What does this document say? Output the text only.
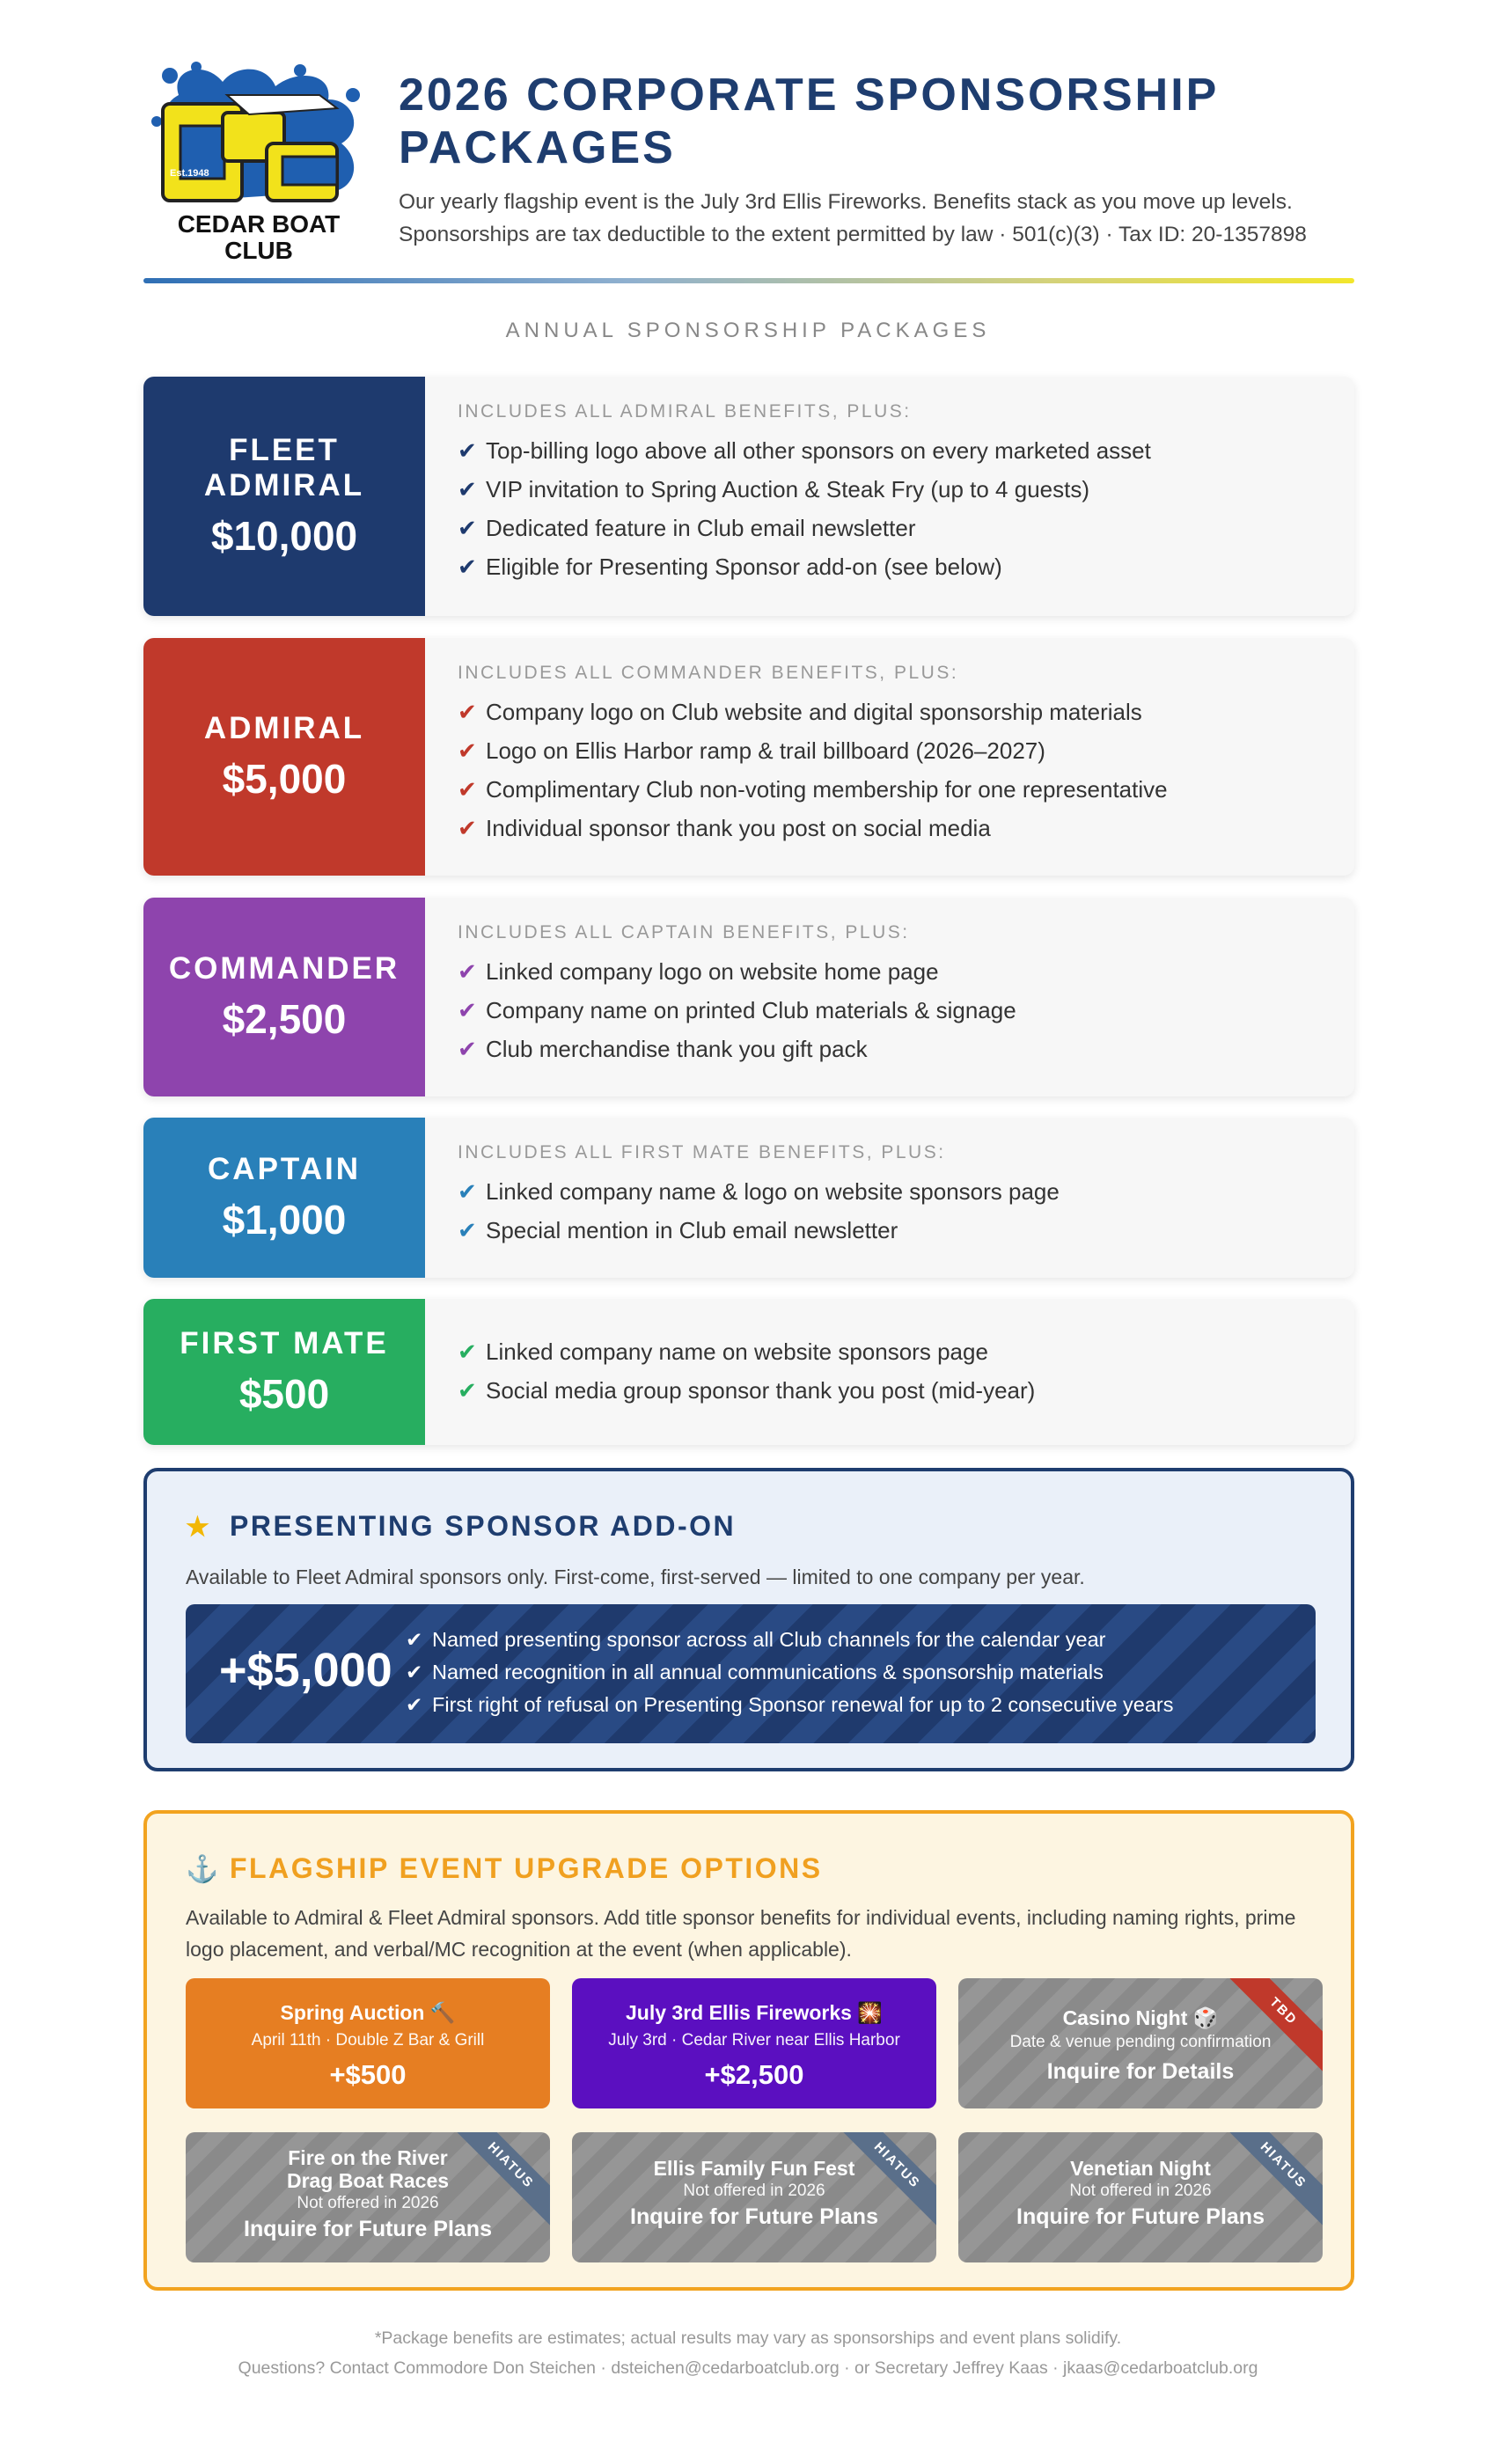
Est.1948
CEDAR BOAT
CLUB
2026 CORPORATE SPONSORSHIP
PACKAGES
Our yearly flagship event is the July 3rd Ellis Fireworks. Benefits stack as you move up levels.
Sponsorships are tax deductible to the extent permitted by law · 501(c)(3) · Tax ID: 20-1357898
ANNUAL SPONSORSHIP PACKAGES
FLEET
ADMIRAL
$10,000
INCLUDES ALL ADMIRAL BENEFITS, PLUS:
✔ Top-billing logo above all other sponsors on every marketed asset
✔ VIP invitation to Spring Auction & Steak Fry (up to 4 guests)
✔ Dedicated feature in Club email newsletter
✔ Eligible for Presenting Sponsor add-on (see below)
ADMIRAL
$5,000
INCLUDES ALL COMMANDER BENEFITS, PLUS:
✔ Company logo on Club website and digital sponsorship materials
✔ Logo on Ellis Harbor ramp & trail billboard (2026–2027)
✔ Complimentary Club non-voting membership for one representative
✔ Individual sponsor thank you post on social media
COMMANDER
$2,500
INCLUDES ALL CAPTAIN BENEFITS, PLUS:
✔ Linked company logo on website home page
✔ Company name on printed Club materials & signage
✔ Club merchandise thank you gift pack
CAPTAIN
$1,000
INCLUDES ALL FIRST MATE BENEFITS, PLUS:
✔ Linked company name & logo on website sponsors page
✔ Special mention in Club email newsletter
FIRST MATE
$500
✔ Linked company name on website sponsors page
✔ Social media group sponsor thank you post (mid-year)
★ PRESENTING SPONSOR ADD-ON
Available to Fleet Admiral sponsors only. First-come, first-served — limited to one company per year.
+$5,000
✔ Named presenting sponsor across all Club channels for the calendar year
✔ Named recognition in all annual communications & sponsorship materials
✔ First right of refusal on Presenting Sponsor renewal for up to 2 consecutive years
⚓ FLAGSHIP EVENT UPGRADE OPTIONS
Available to Admiral & Fleet Admiral sponsors. Add title sponsor benefits for individual events, including naming rights, prime
logo placement, and verbal/MC recognition at the event (when applicable).
Spring Auction 🔨
April 11th · Double Z Bar & Grill
+$500
July 3rd Ellis Fireworks 🎇
July 3rd · Cedar River near Ellis Harbor
+$2,500
Casino Night 🎲
Date & venue pending confirmation
Inquire for Details
TBD
Fire on the River
Drag Boat Races
Not offered in 2026
Inquire for Future Plans
HIATUS	Ellis Family Fun Fest
Not offered in 2026
Inquire for Future Plans
HIATUS	Venetian Night
Not offered in 2026
Inquire for Future Plans
HIATUS
*Package benefits are estimates; actual results may vary as sponsorships and event plans solidify.
Questions? Contact Commodore Don Steichen · dsteichen@cedarboatclub.org · or Secretary Jeffrey Kaas · jkaas@cedarboatclub.org
